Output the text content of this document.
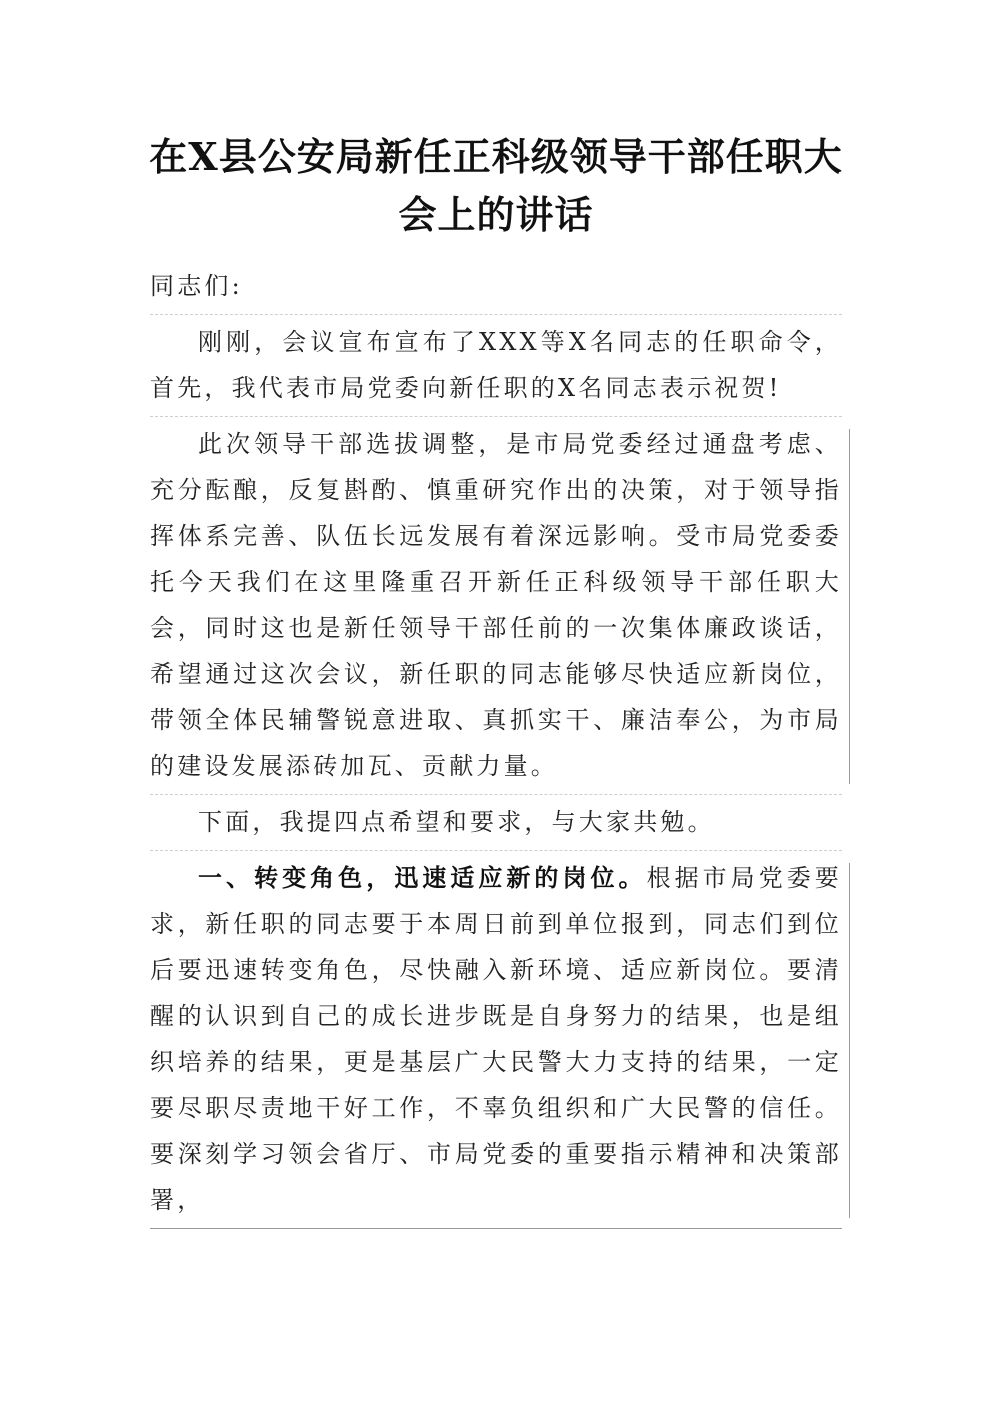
在X县公安局新任正科级领导干部任职大会上的讲话

同志们:

刚刚，会议宣布宣布了XXX等X名同志的任职命令，首先，我代表市局党委向新任职的X名同志表示祝贺!

此次领导干部选拔调整，是市局党委经过通盘考虑、充分酝酿，反复斟酌、慎重研究作出的决策，对于领导指挥体系完善、队伍长远发展有着深远影响。受市局党委委托今天我们在这里隆重召开新任正科级领导干部任职大会，同时这也是新任领导干部任前的一次集体廉政谈话，希望通过这次会议，新任职的同志能够尽快适应新岗位，带领全体民辅警锐意进取、真抓实干、廉洁奉公，为市局的建设发展添砖加瓦、贡献力量。

下面，我提四点希望和要求，与大家共勉。

一、转变角色，迅速适应新的岗位。根据市局党委要求，新任职的同志要于本周日前到单位报到，同志们到位后要迅速转变角色，尽快融入新环境、适应新岗位。要清醒的认识到自己的成长进步既是自身努力的结果，也是组织培养的结果，更是基层广大民警大力支持的结果，一定要尽职尽责地干好工作，不辜负组织和广大民警的信任。要深刻学习领会省厅、市局党委的重要指示精神和决策部署，
